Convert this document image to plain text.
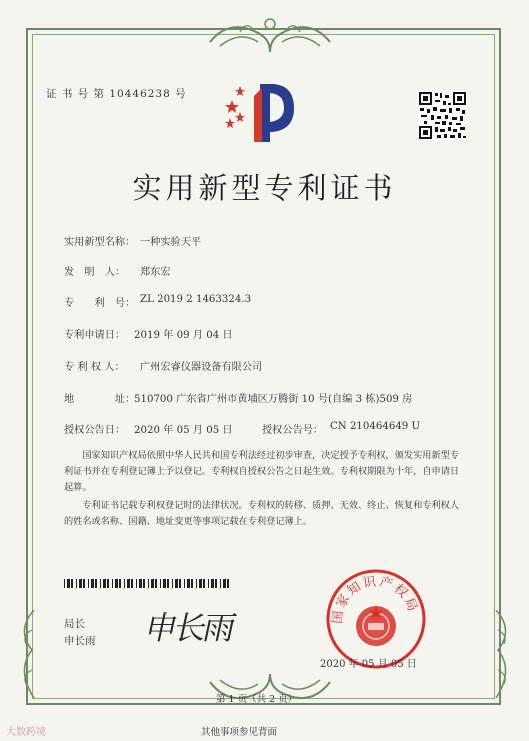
证 书 号 第 10446238 号
实用新型专利证书
实用新型名称： 一种实验天平
发　明　人： 郑东宏
专　　利　号： ZL 2019 2 1463324.3
专利申请日： 2019 年 09 月 04 日
专 利 权 人： 广州宏睿仪器设备有限公司
地　　　　址：
510700 广东省广州市黄埔区万腾街 10 号(自编 3 栋)509 房
授权公告日： 2020 年 05 月 05 日	授权公告号： CN 210464649 U
　　国家知识产权局依照中华人民共和国专利法经过初步审查，决定授予专利权，颁发实用新型专利证书并在专利登记簿上予以登记。专利权自授权公告之日起生效。专利权期限为十年，自申请日起算。
　　专利证书记载专利权登记时的法律状况。专利权的转移、质押、无效、终止、恢复和专利权人的姓名或名称、国籍、地址变更等事项记载在专利登记簿上。
局长
申长雨 申长雨	国家知识产权局
2020 年 05 月 05 日
第 1 页（共 2 页）
其他事项参见背面
大数跨境
